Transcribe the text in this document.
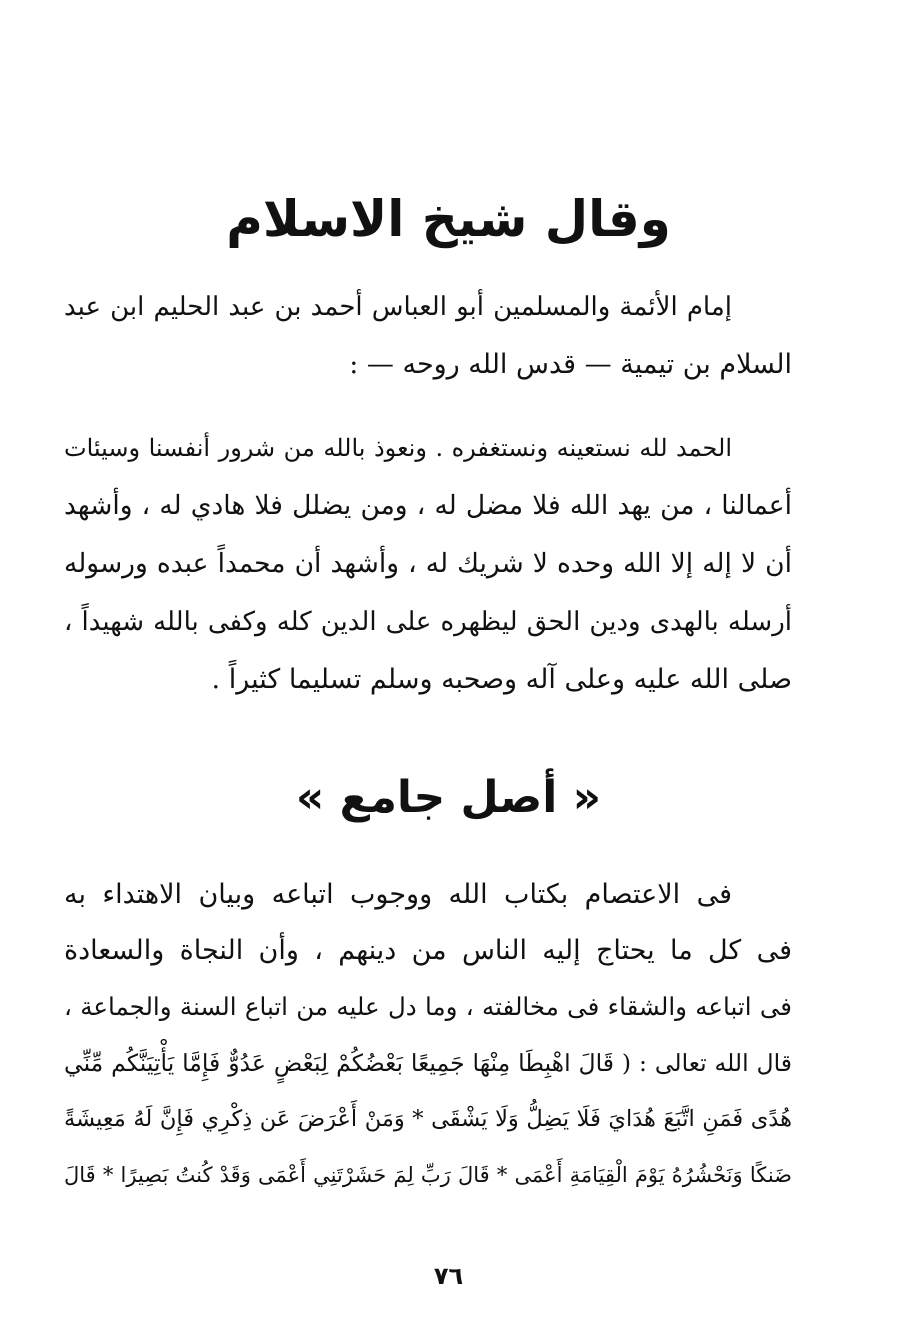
وقال شيخ الاسلام
إمام الأئمة والمسلمين أبو العباس أحمد بن عبد الحليم ابن عبد
السلام بن تيمية — قدس الله روحه — :
الحمد لله نستعينه ونستغفره . ونعوذ بالله من شرور أنفسنا وسيئات
أعمالنا ، من يهد الله فلا مضل له ، ومن يضلل فلا هادي له ، وأشهد
أن لا إله إلا الله وحده لا شريك له ، وأشهد أن محمداً عبده ورسوله
أرسله بالهدى ودين الحق ليظهره على الدين كله وكفى بالله شهيداً ،
صلى الله عليه وعلى آله وصحبه وسلم تسليما كثيراً .
« أصل جامع »
فى الاعتصام بكتاب الله ووجوب اتباعه وبيان الاهتداء به
فى كل ما يحتاج إليه الناس من دينهم ، وأن النجاة والسعادة
فى اتباعه والشقاء فى مخالفته ، وما دل عليه من اتباع السنة والجماعة ،
قال الله تعالى : ( قَالَ اهْبِطَا مِنْهَا جَمِيعًا بَعْضُكُمْ لِبَعْضٍ عَدُوٌّ فَإِمَّا يَأْتِيَنَّكُم مِّنِّي
هُدًى فَمَنِ اتَّبَعَ هُدَايَ فَلَا يَضِلُّ وَلَا يَشْقَى * وَمَنْ أَعْرَضَ عَن ذِكْرِي فَإِنَّ لَهُ مَعِيشَةً
ضَنكًا وَنَحْشُرُهُ يَوْمَ الْقِيَامَةِ أَعْمَى * قَالَ رَبِّ لِمَ حَشَرْتَنِي أَعْمَى وَقَدْ كُنتُ بَصِيرًا * قَالَ
٧٦
